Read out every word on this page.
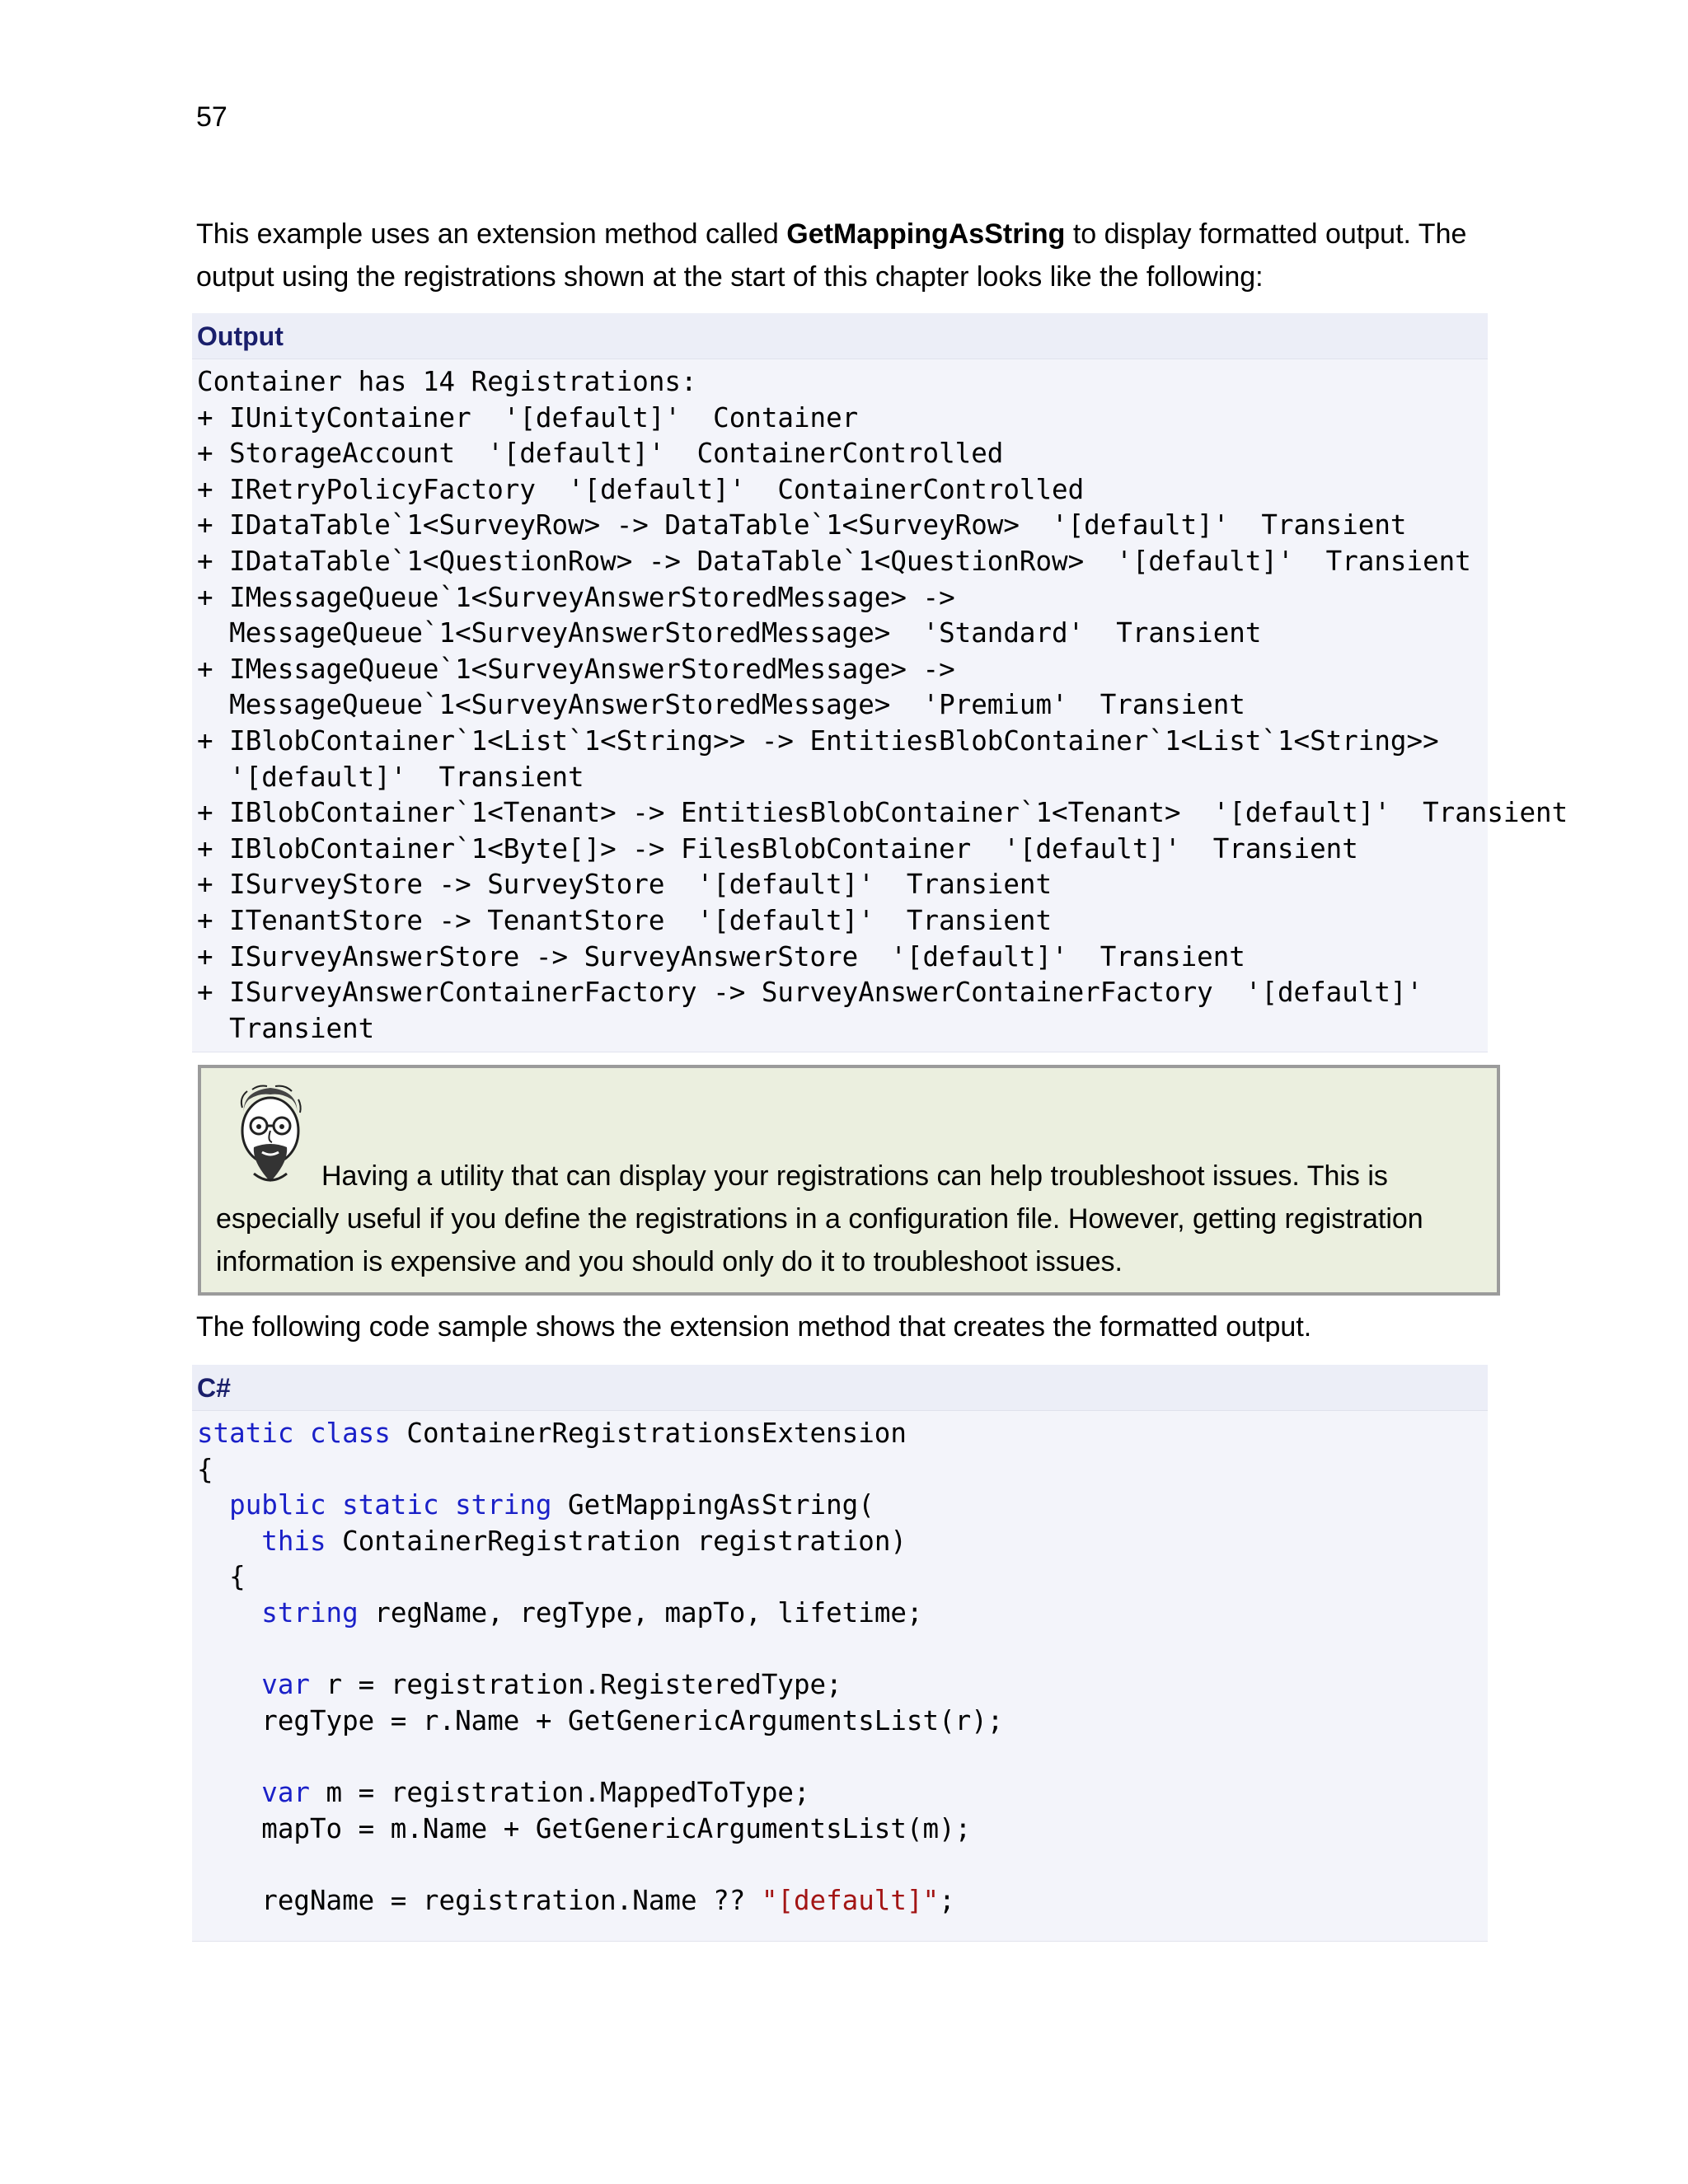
57

This example uses an extension method called GetMappingAsString to display formatted output. The output using the registrations shown at the start of this chapter looks like the following:

Output
Container has 14 Registrations:
+ IUnityContainer  '[default]'  Container
+ StorageAccount  '[default]'  ContainerControlled
+ IRetryPolicyFactory  '[default]'  ContainerControlled
+ IDataTable`1<SurveyRow> -> DataTable`1<SurveyRow>  '[default]'  Transient
+ IDataTable`1<QuestionRow> -> DataTable`1<QuestionRow>  '[default]'  Transient
+ IMessageQueue`1<SurveyAnswerStoredMessage> ->
MessageQueue`1<SurveyAnswerStoredMessage>  'Standard'  Transient
+ IMessageQueue`1<SurveyAnswerStoredMessage> ->
MessageQueue`1<SurveyAnswerStoredMessage>  'Premium'  Transient
+ IBlobContainer`1<List`1<String>> -> EntitiesBlobContainer`1<List`1<String>>
'[default]'  Transient
+ IBlobContainer`1<Tenant> -> EntitiesBlobContainer`1<Tenant>  '[default]'  Transient
+ IBlobContainer`1<Byte[]> -> FilesBlobContainer  '[default]'  Transient
+ ISurveyStore -> SurveyStore  '[default]'  Transient
+ ITenantStore -> TenantStore  '[default]'  Transient
+ ISurveyAnswerStore -> SurveyAnswerStore  '[default]'  Transient
+ ISurveyAnswerContainerFactory -> SurveyAnswerContainerFactory  '[default]'
Transient

Having a utility that can display your registrations can help troubleshoot issues. This is especially useful if you define the registrations in a configuration file. However, getting registration information is expensive and you should only do it to troubleshoot issues.

The following code sample shows the extension method that creates the formatted output.

C#
static class ContainerRegistrationsExtension
{
public static string GetMappingAsString(
this ContainerRegistration registration)
{
string regName, regType, mapTo, lifetime;
var r = registration.RegisteredType;
regType = r.Name + GetGenericArgumentsList(r);
var m = registration.MappedToType;
mapTo = m.Name + GetGenericArgumentsList(m);
regName = registration.Name ?? "[default]";
